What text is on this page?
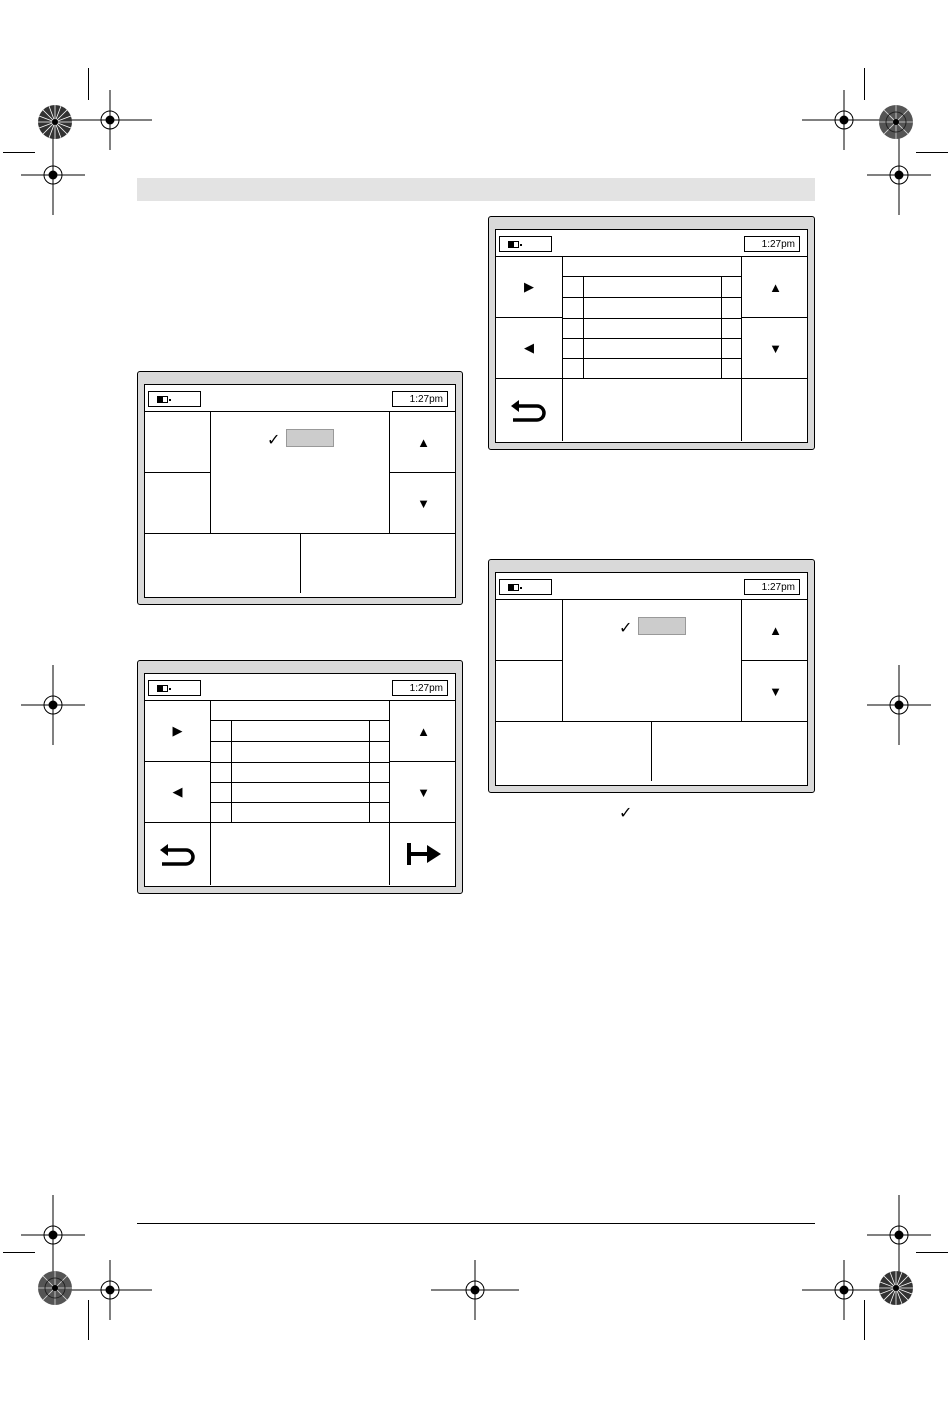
1:27pm
✓	▲
▼
1:27pm
▶
◀
▲
▼
1:27pm
▶
◀
▲
▼
1:27pm
✓	▲
▼
✓
